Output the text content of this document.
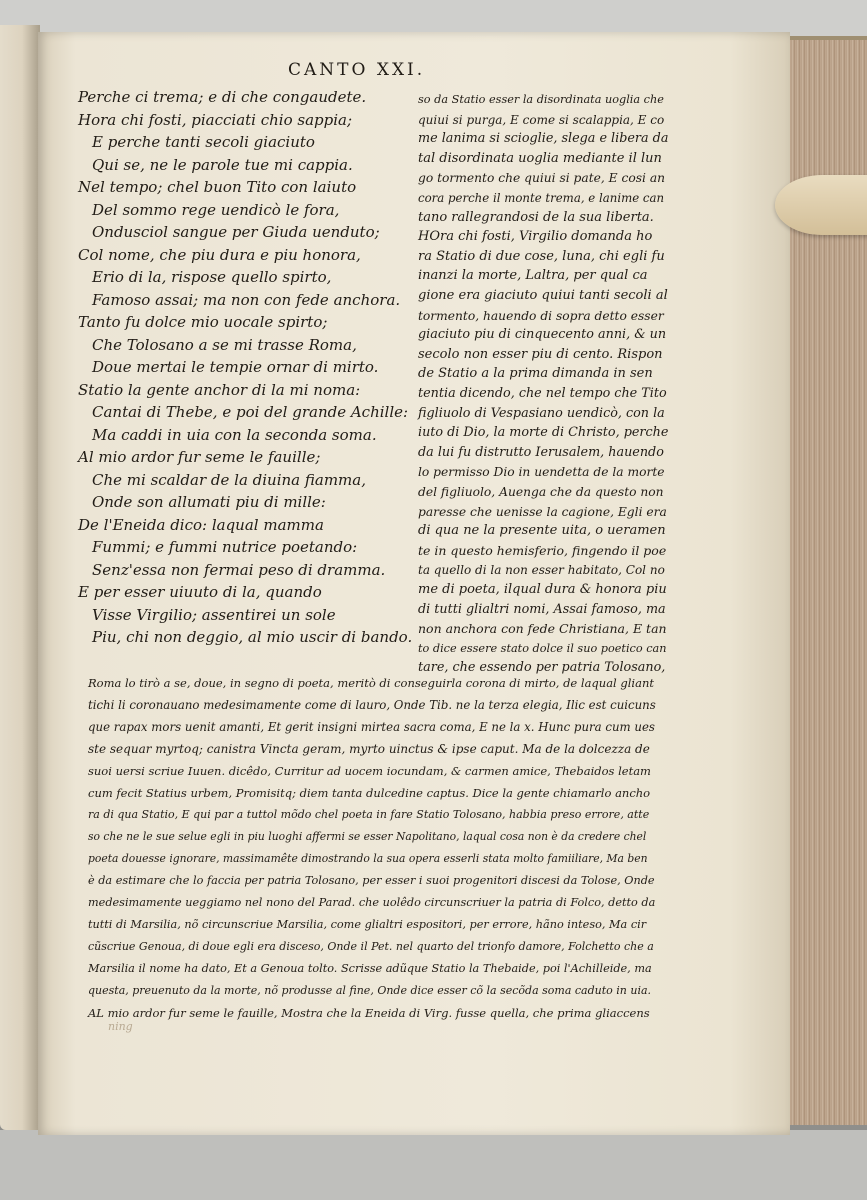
CANTO XXI.
Perche ci trema; e di che congaudete.
Hora chi fosti, piacciati chio sappia;
E perche tanti secoli giaciuto
Qui se, ne le parole tue mi cappia.
Nel tempo; chel buon Tito con laiuto
Del sommo rege uendicò le fora,
Ondusciol sangue per Giuda uenduto;
Col nome, che piu dura e piu honora,
Erio di la, rispose quello spirto,
Famoso assai; ma non con fede anchora.
Tanto fu dolce mio uocale spirto;
Che Tolosano a se mi trasse Roma,
Doue mertai le tempie ornar di mirto.
Statio la gente anchor di la mi noma:
Cantai di Thebe, e poi del grande Achille:
Ma caddi in uia con la seconda soma.
Al mio ardor fur seme le fauille;
Che mi scaldar de la diuina fiamma,
Onde son allumati piu di mille:
De l'Eneida dico: laqual mamma
Fummi; e fummi nutrice poetando:
Senz'essa non fermai peso di dramma.
E per esser uiuuto di la, quando
Visse Virgilio; assentirei un sole
Piu, chi non deggio, al mio uscir di bando.
so da Statio esser la disordinata uoglia che
quiui si purga, E come si scalappia, E co
me lanima si scioglie, slega e libera da
tal disordinata uoglia mediante il lun
go tormento che quiui si pate, E cosi an
cora perche il monte trema, e lanime can
tano rallegrandosi de la sua liberta.
HOra chi fosti, Virgilio domanda ho
ra Statio di due cose, luna, chi egli fu
inanzi la morte, Laltra, per qual ca
gione era giaciuto quiui tanti secoli al
tormento, hauendo di sopra detto esser
giaciuto piu di cinquecento anni, & un
secolo non esser piu di cento. Rispon
de Statio a la prima dimanda in sen
tentia dicendo, che nel tempo che Tito
figliuolo di Vespasiano uendicò, con la
iuto di Dio, la morte di Christo, perche
da lui fu distrutto Ierusalem, hauendo
lo permisso Dio in uendetta de la morte
del figliuolo, Auenga che da questo non
paresse che uenisse la cagione, Egli era
di qua ne la presente uita, o ueramen
te in questo hemisferio, fingendo il poe
ta quello di la non esser habitato, Col no
me di poeta, ilqual dura & honora piu
di tutti glialtri nomi, Assai famoso, ma
non anchora con fede Christiana, E tan
to dice essere stato dolce il suo poetico can
tare, che essendo per patria Tolosano,
Roma lo tirò a se, doue, in segno di poeta, meritò di conseguirla corona di mirto, de laqual gliant
tichi li coronauano medesimamente come di lauro, Onde Tib. ne la terza elegia, Ilic est cuicuns
que rapax mors uenit amanti, Et gerit insigni mirtea sacra coma, E ne la x. Hunc pura cum ues
ste sequar myrtoq; canistra Vincta geram, myrto uinctus & ipse caput. Ma de la dolcezza de
suoi uersi scriue Iuuen. dicêdo, Curritur ad uocem iocundam, & carmen amice, Thebaidos letam
cum fecit Statius urbem, Promisitq; diem tanta dulcedine captus. Dice la gente chiamarlo ancho
ra di qua Statio, E qui par a tuttol mõdo chel poeta in fare Statio Tolosano, habbia preso errore, atte
so che ne le sue selue egli in piu luoghi affermi se esser Napolitano, laqual cosa non è da credere chel
poeta douesse ignorare, massimamête dimostrando la sua opera esserli stata molto famiiliare, Ma ben
è da estimare che lo faccia per patria Tolosano, per esser i suoi progenitori discesi da Tolose, Onde
medesimamente ueggiamo nel nono del Parad. che uolêdo circunscriuer la patria di Folco, detto da
tutti di Marsilia, nõ circunscriue Marsilia, come glialtri espositori, per errore, hãno inteso, Ma cir
cũscriue Genoua, di doue egli era disceso, Onde il Pet. nel quarto del trionfo damore, Folchetto che a
Marsilia il nome ha dato, Et a Genoua tolto. Scrisse adũque Statio la Thebaide, poi l'Achilleide, ma
questa, preuenuto da la morte, nõ produsse al fine, Onde dice esser cõ la secõda soma caduto in uia.
AL mio ardor fur seme le fauille, Mostra che la Eneida di Virg. fusse quella, che prima gliaccens
ning
